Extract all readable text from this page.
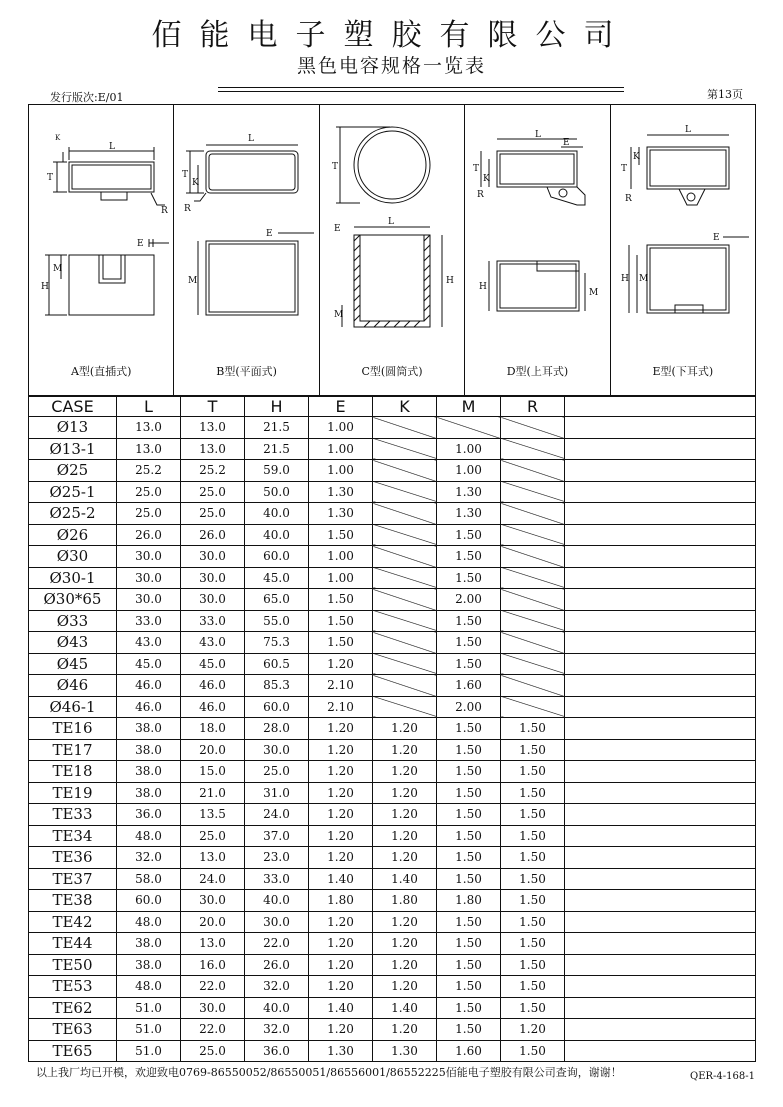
佰能电子塑胶有限公司
黑色电容规格一览表
发行版次:E/01	第13页
L
T
K
R
E
H
M
A型(直插式)
L
T
K
R
E
M
B型(平面式)
T
L
E
H
M
C型(圆筒式)
L
E
T
K
R
H
M
D型(上耳式)
L
T
K
R
E
H M
E型(下耳式)
CASE	L	T	H	E	K	M	R	
Ø13	13.0	13.0	21.5	1.00				
Ø13-1	13.0	13.0	21.5	1.00		1.00		
Ø25	25.2	25.2	59.0	1.00		1.00		
Ø25-1	25.0	25.0	50.0	1.30		1.30		
Ø25-2	25.0	25.0	40.0	1.30		1.30		
Ø26	26.0	26.0	40.0	1.50		1.50		
Ø30	30.0	30.0	60.0	1.00		1.50		
Ø30-1	30.0	30.0	45.0	1.00		1.50		
Ø30*65	30.0	30.0	65.0	1.50		2.00		
Ø33	33.0	33.0	55.0	1.50		1.50		
Ø43	43.0	43.0	75.3	1.50		1.50		
Ø45	45.0	45.0	60.5	1.20		1.50		
Ø46	46.0	46.0	85.3	2.10		1.60		
Ø46-1	46.0	46.0	60.0	2.10		2.00		
TE16	38.0	18.0	28.0	1.20	1.20	1.50	1.50	
TE17	38.0	20.0	30.0	1.20	1.20	1.50	1.50	
TE18	38.0	15.0	25.0	1.20	1.20	1.50	1.50	
TE19	38.0	21.0	31.0	1.20	1.20	1.50	1.50	
TE33	36.0	13.5	24.0	1.20	1.20	1.50	1.50	
TE34	48.0	25.0	37.0	1.20	1.20	1.50	1.50	
TE36	32.0	13.0	23.0	1.20	1.20	1.50	1.50	
TE37	58.0	24.0	33.0	1.40	1.40	1.50	1.50	
TE38	60.0	30.0	40.0	1.80	1.80	1.80	1.50	
TE42	48.0	20.0	30.0	1.20	1.20	1.50	1.50	
TE44	38.0	13.0	22.0	1.20	1.20	1.50	1.50	
TE50	38.0	16.0	26.0	1.20	1.20	1.50	1.50	
TE53	48.0	22.0	32.0	1.20	1.20	1.50	1.50	
TE62	51.0	30.0	40.0	1.40	1.40	1.50	1.50	
TE63	51.0	22.0	32.0	1.20	1.20	1.50	1.20	
TE65	51.0	25.0	36.0	1.30	1.30	1.60	1.50	
以上我厂均已开模，欢迎致电0769-86550052/86550051/86556001/86552225佰能电子塑胶有限公司查询，谢谢！	QER-4-168-1
